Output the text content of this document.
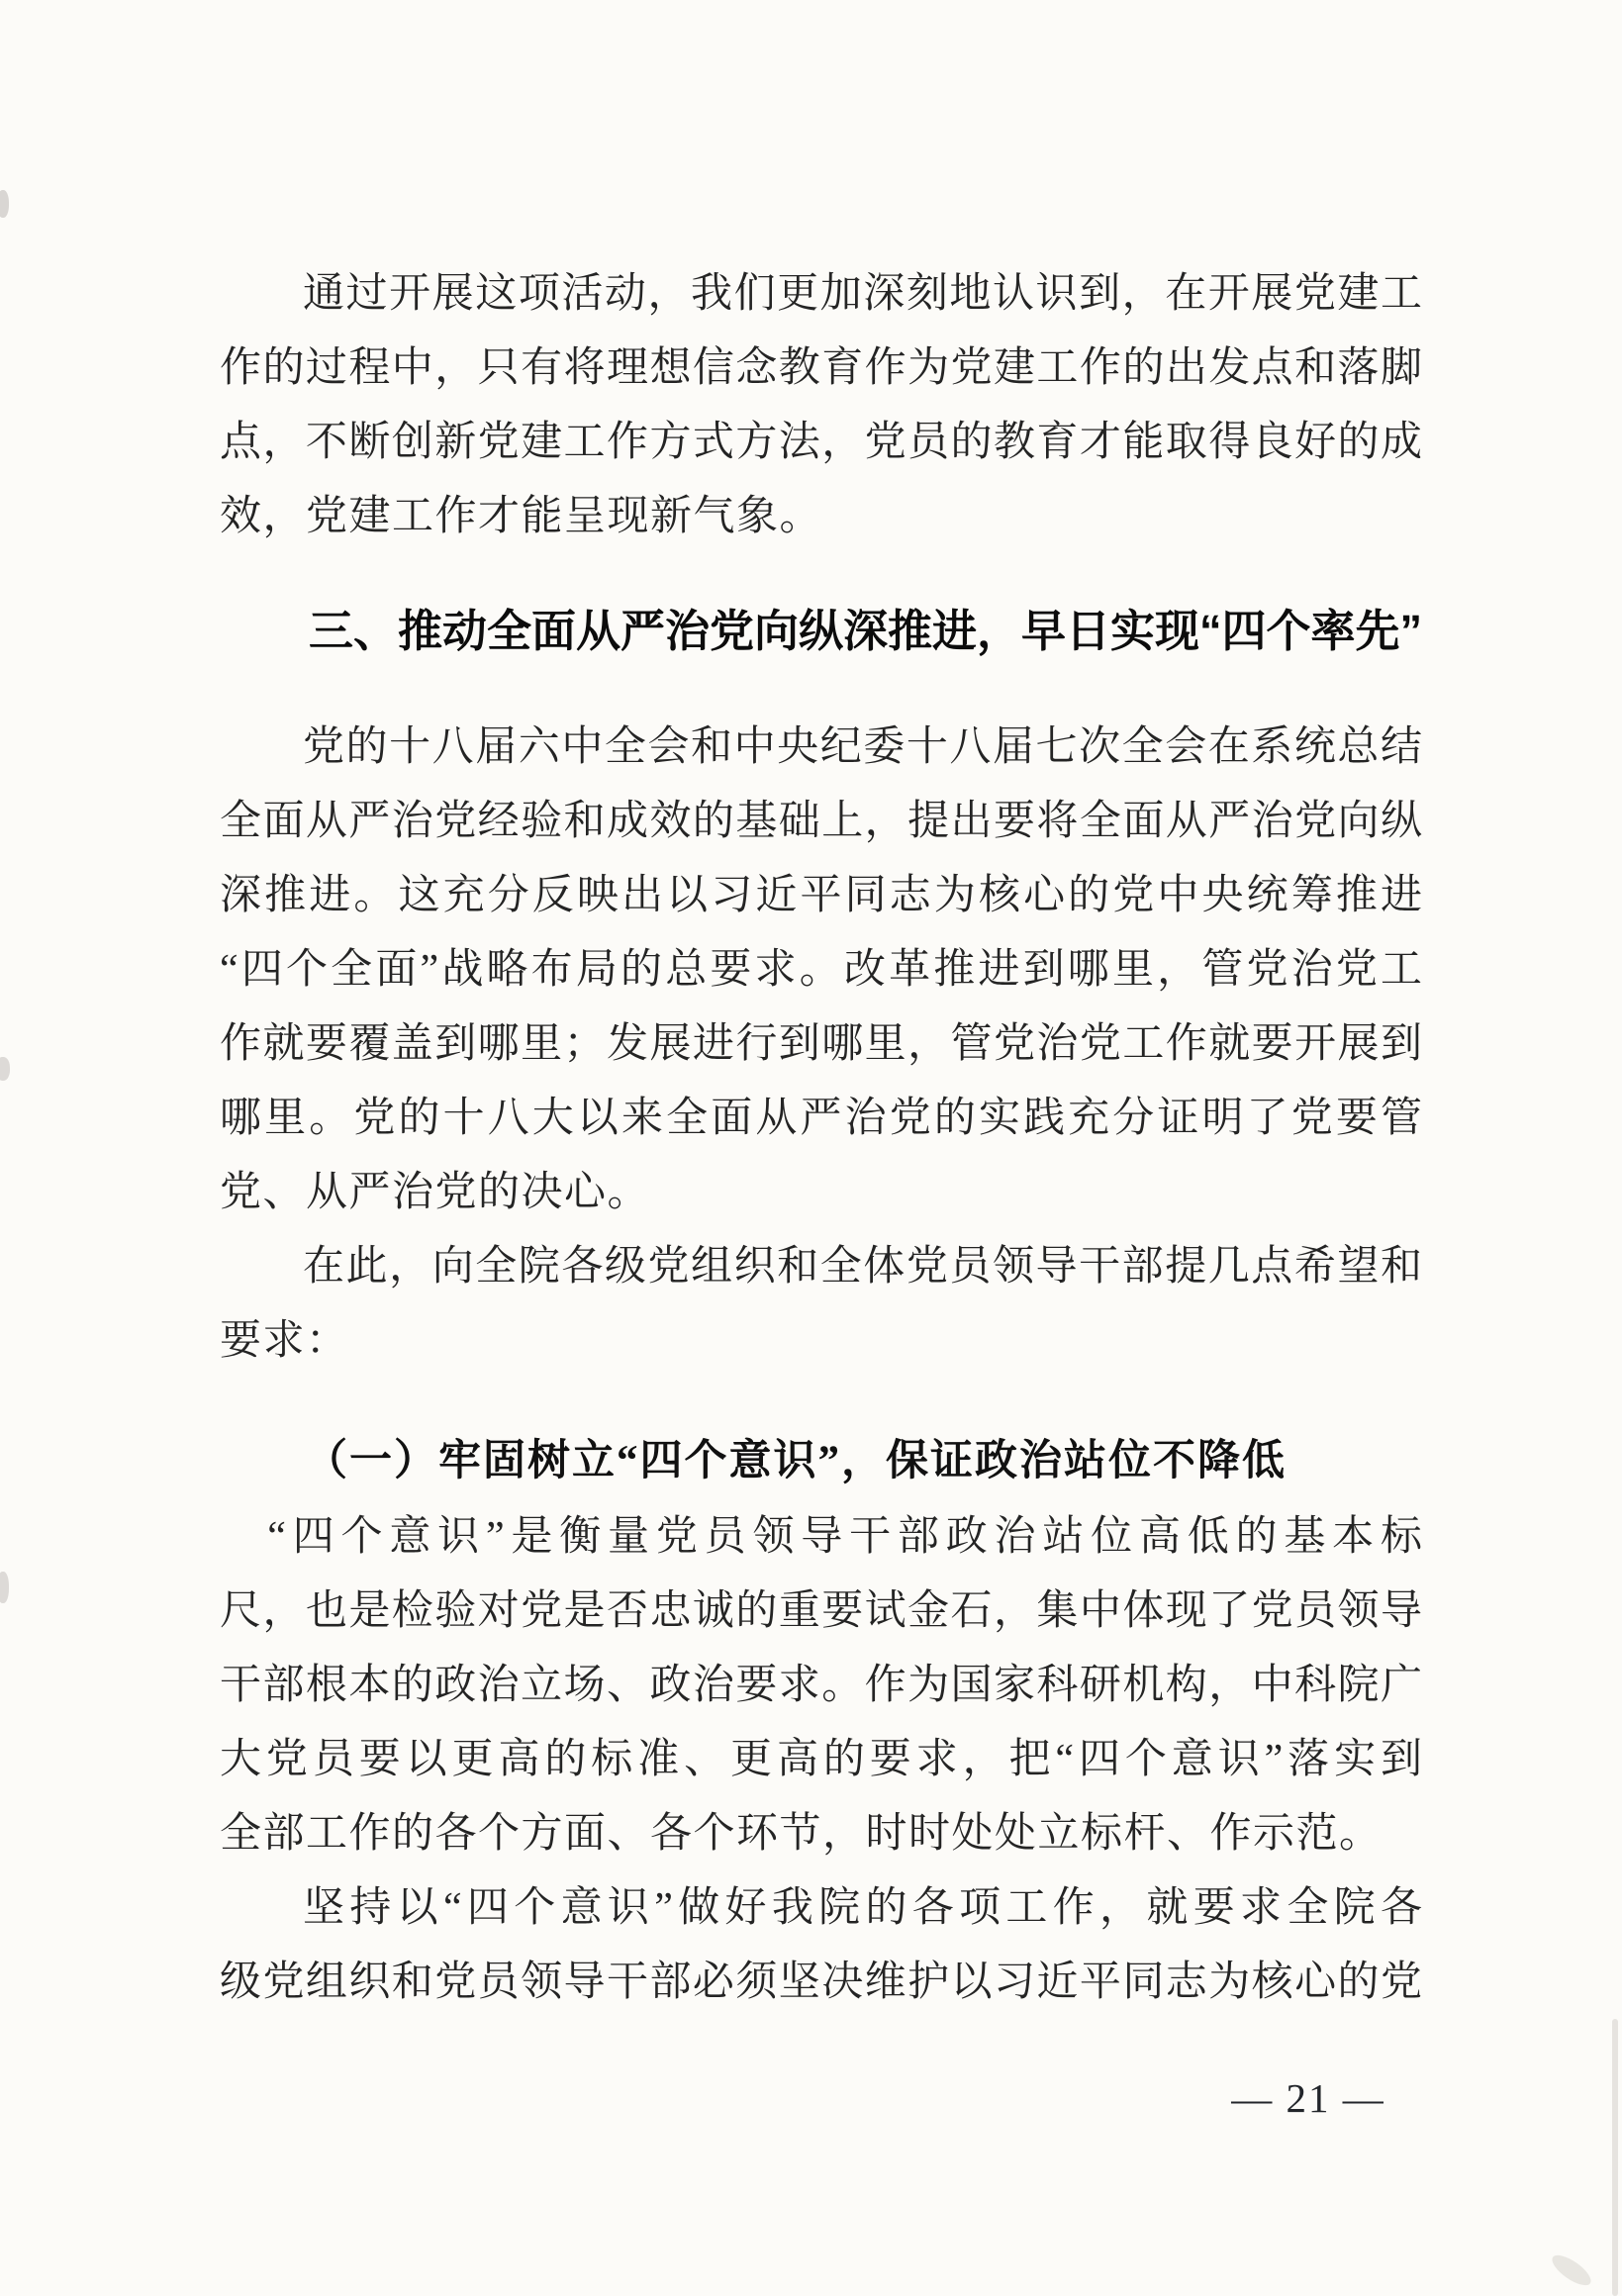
通过开展这项活动，我们更加深刻地认识到，在开展党建工
作的过程中，只有将理想信念教育作为党建工作的出发点和落脚
点，不断创新党建工作方式方法，党员的教育才能取得良好的成
效，党建工作才能呈现新气象。
三、推动全面从严治党向纵深推进，早日实现“四个率先”
党的十八届六中全会和中央纪委十八届七次全会在系统总结
全面从严治党经验和成效的基础上，提出要将全面从严治党向纵
深推进。这充分反映出以习近平同志为核心的党中央统筹推进
“四个全面”战略布局的总要求。改革推进到哪里，管党治党工
作就要覆盖到哪里；发展进行到哪里，管党治党工作就要开展到
哪里。党的十八大以来全面从严治党的实践充分证明了党要管
党、从严治党的决心。
在此，向全院各级党组织和全体党员领导干部提几点希望和
要求：
（一）牢固树立“四个意识”，保证政治站位不降低
“四个意识”是衡量党员领导干部政治站位高低的基本标
尺，也是检验对党是否忠诚的重要试金石，集中体现了党员领导
干部根本的政治立场、政治要求。作为国家科研机构，中科院广
大党员要以更高的标准、更高的要求，把“四个意识”落实到
全部工作的各个方面、各个环节，时时处处立标杆、作示范。
坚持以“四个意识”做好我院的各项工作，就要求全院各
级党组织和党员领导干部必须坚决维护以习近平同志为核心的党
— 21 —
